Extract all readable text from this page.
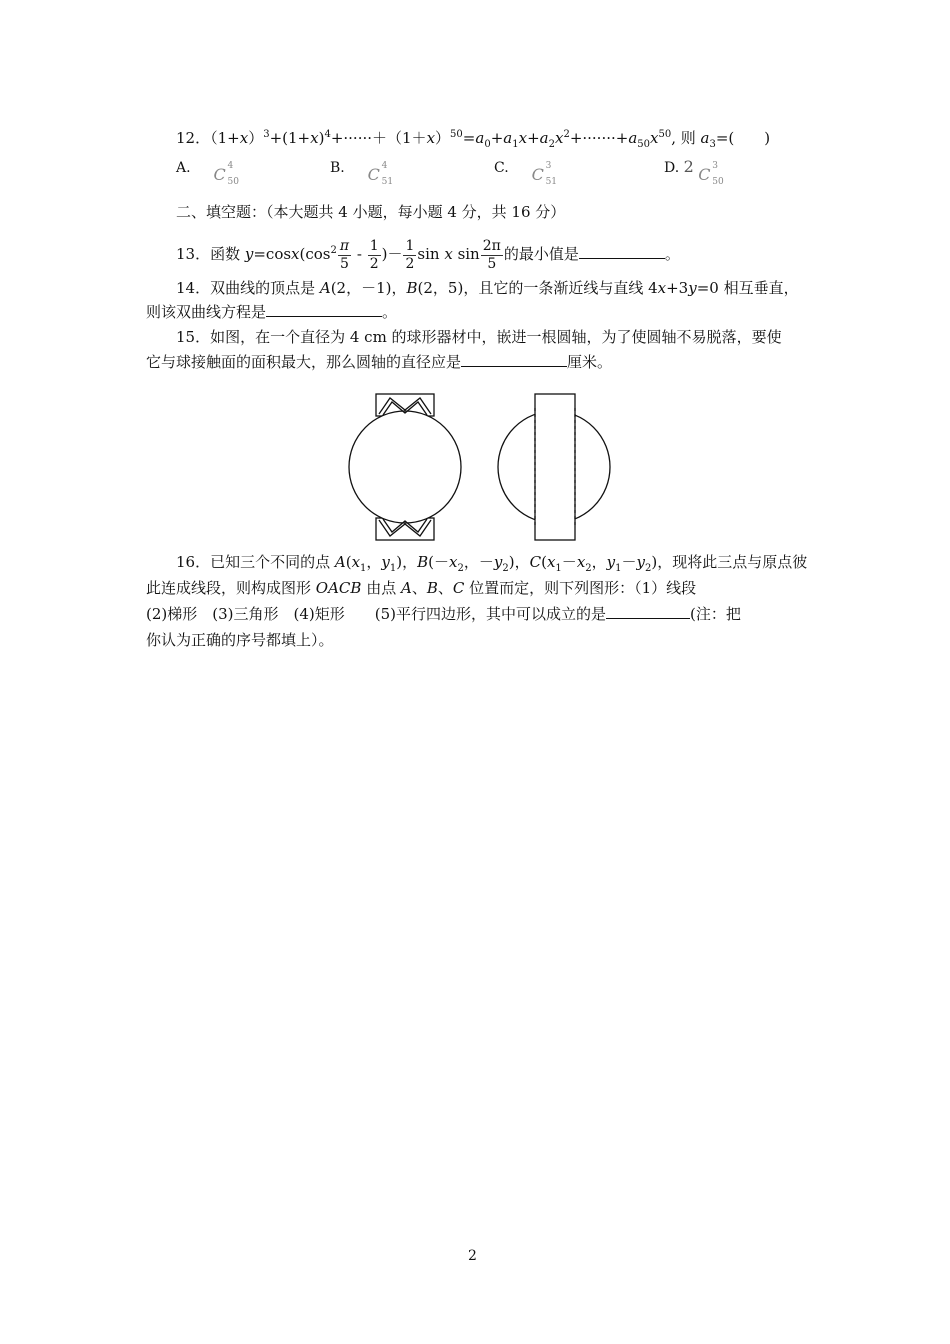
12．$(1+x)^3+(1+x)^4+\cdot\cdot\cdot\cdot\cdot\cdot+(1+x)^{50}=a_0+a_1x+a_2x^2+\cdot\cdot\cdot\cdot\cdot\cdot\cdot+a_{50}x^{50}$, 则 $a_3=$(　　)
A. C 4
50
B. C 4
51
C. C 3
51
D. 2 C 3
50
二、填空题：（本大题共 4 小题，每小题 4 分，共 16 分）
13．函数 $y=\cos x(\cos^2 \frac{\pi}{5} - \frac{1}{2}$ )－ $\frac{1}{2}$ sin x $\sin \frac{2\pi}{5}$ 的最小值是	。
14．双曲线的顶点是 A(2，－1)，B(2，5)，且它的一条渐近线与直线 4x+3y=0 相互垂直，
则该双曲线方程是	。
15．如图，在一个直径为 4 cm 的球形器材中，嵌进一根圆轴，为了使圆轴不易脱落，要使
它与球接触面的面积最大，那么圆轴的直径应是	厘米。
16．已知三个不同的点 $A(x_1$，$y_1$)，$B(-x_2$，$-y_2$)，$C(x_1-x_2$，$y_1-y_2$)，现将此三点与原点彼
此连成线段，则构成图形 OACB 由点 A、B、C 位置而定，则下列图形：（1）线段
(2)梯形　(3)三角形　(4)矩形　　(5)平行四边形，其中可以成立的是	(注：把
你认为正确的序号都填上）。
2
